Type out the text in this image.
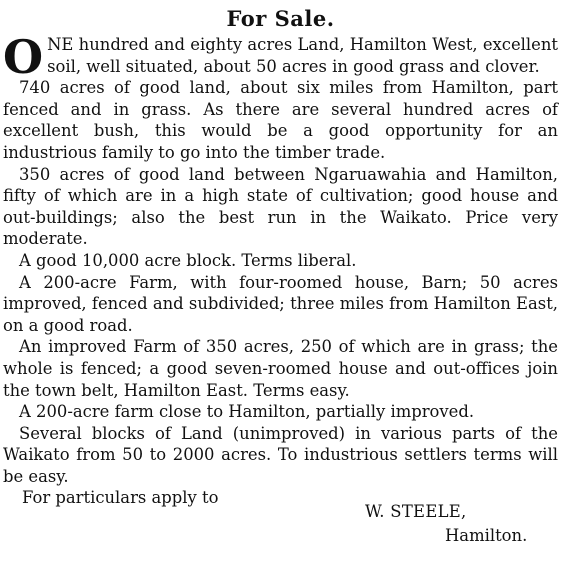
For Sale.

ONE hundred and eighty acres Land, Hamilton West, excellent soil, well situated, about 50 acres in good grass and clover.

740 acres of good land, about six miles from Hamilton, part fenced and in grass. As there are several hundred acres of excellent bush, this would be a good opportunity for an industrious family to go into the timber trade.

350 acres of good land between Ngaruawahia and Hamilton, fifty of which are in a high state of cultivation; good house and out-buildings; also the best run in the Waikato. Price very moderate.

A good 10,000 acre block. Terms liberal.

A 200-acre Farm, with four-roomed house, Barn; 50 acres improved, fenced and subdivided; three miles from Hamilton East, on a good road.

An improved Farm of 350 acres, 250 of which are in grass; the whole is fenced; a good seven-roomed house and out-offices join the town belt, Hamilton East. Terms easy.

A 200-acre farm close to Hamilton, partially improved.

Several blocks of Land (unimproved) in various parts of the Waikato from 50 to 2000 acres. To industrious settlers terms will be easy.

For particulars apply to
W. STEELE,
Hamilton.
